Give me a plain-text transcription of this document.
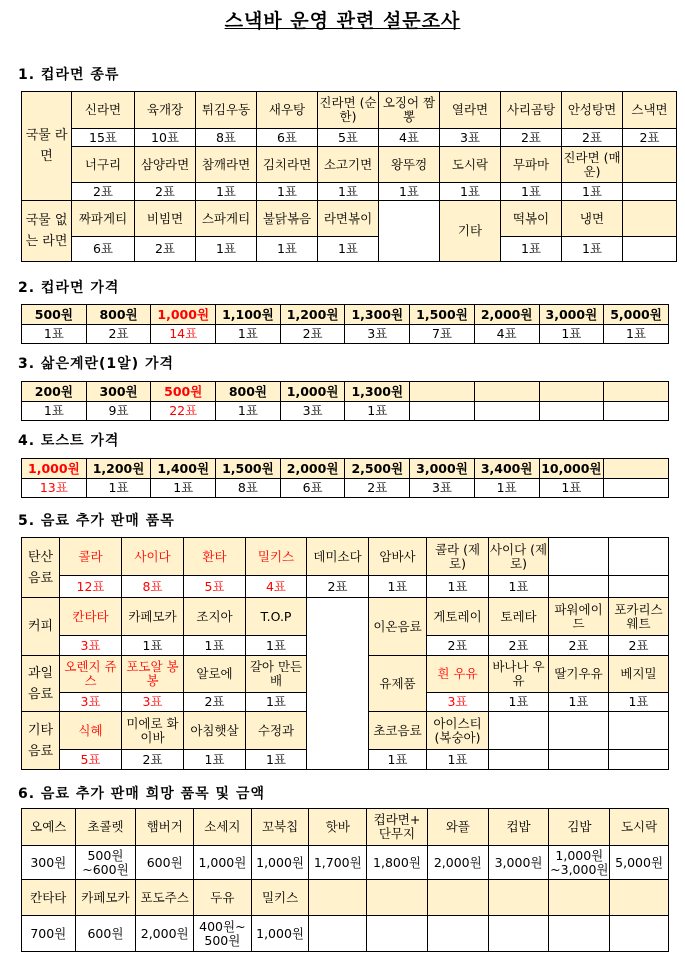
스낵바 운영 관련 설문조사
1. 컵라면 종류
국물 라면	신라면	육개장	튀김우동	새우탕	진라면 (순한)	오징어 짬뽕	열라면	사리곰탕	안성탕면	스낵면
	15표	10표	8표	6표	5표	4표	3표	2표	2표	2표
	너구리	삼양라면	참깨라면	김치라면	소고기면	왕뚜껑	도시락	무파마	진라면 (매운)	
	2표	2표	1표	1표	1표	1표	1표	1표	1표	
국물 없는 라면	짜파게티	비빔면	스파게티	불닭볶음	라면볶이		기타	떡볶이	냉면	
	6표	2표	1표	1표	1표			1표	1표	
2. 컵라면 가격
500원	800원	1,000원	1,100원	1,200원	1,300원	1,500원	2,000원	3,000원	5,000원
1표	2표	14표	1표	2표	3표	7표	4표	1표	1표
3. 삶은계란(1알) 가격
200원	300원	500원	800원	1,000원	1,300원				
1표	9표	22표	1표	3표	1표				
4. 토스트 가격
1,000원	1,200원	1,400원	1,500원	2,000원	2,500원	3,000원	3,400원	10,000원	
13표	1표	1표	8표	6표	2표	3표	1표	1표	
5. 음료 추가 판매 품목
탄산 음료	콜라	사이다	환타	밀키스	데미소다	암바사	콜라 (제로)	사이다 (제로)		
	12표	8표	5표	4표	2표	1표	1표	1표		
커피	칸타타	카페모카	조지아	T.O.P		이온음료	게토레이	토레타	파워에이드	포카리스웨트
	3표	1표	1표	1표			2표	2표	2표	2표
과일 음료	오렌지 쥬스	포도알 봉봉	알로에	갈아 만든 배		유제품	흰 우유	바나나 우유	딸기우유	베지밀
	3표	3표	2표	1표			3표	1표	1표	1표
기타 음료	식혜	미에로 화이바	아침햇살	수정과		초코음료	아이스티 (복숭아)			
	5표	2표	1표	1표		1표	1표			
6. 음료 추가 판매 희망 품목 및 금액
오예스	초콜렛	햄버거	소세지	꼬북칩	핫바	컵라면+ 단무지	와플	컵밥	김밥	도시락
300원	500원 ~600원	600원	1,000원	1,000원	1,700원	1,800원	2,000원	3,000원	1,000원 ~3,000원	5,000원
칸타타	카페모카	포도주스	두유	밀키스						
700원	600원	2,000원	400원~ 500원	1,000원						
